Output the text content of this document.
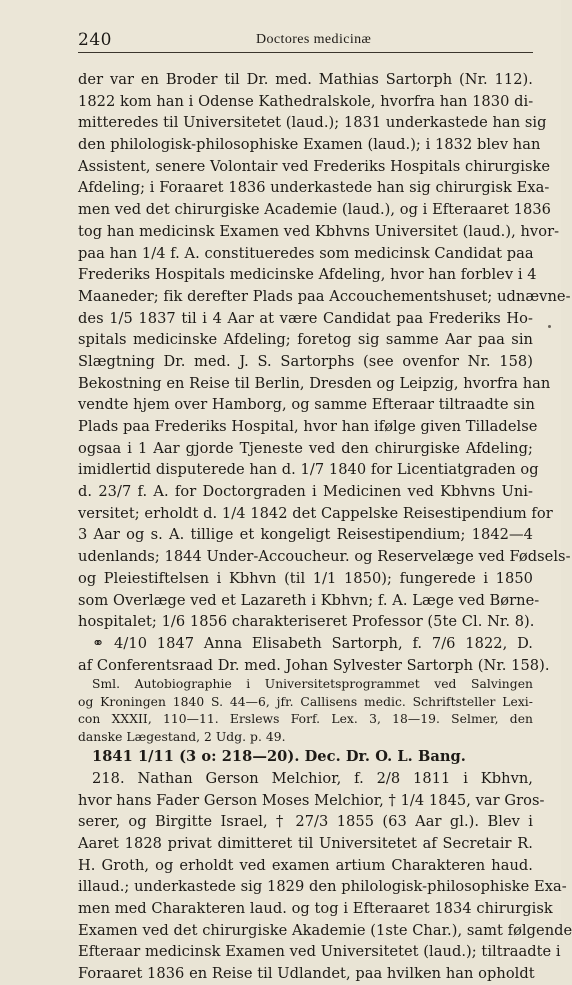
240	Doctores medicinæ
der var en Broder til Dr. med. Mathias Sartorph (Nr. 112).
1822 kom han i Odense Kathedralskole, hvorfra han 1830 di-
mitteredes til Universitetet (laud.); 1831 underkastede han sig
den philologisk-philosophiske Examen (laud.); i 1832 blev han
Assistent, senere Volontair ved Frederiks Hospitals chirurgiske
Afdeling; i Foraaret 1836 underkastede han sig chirurgisk Exa-
men ved det chirurgiske Academie (laud.), og i Efteraaret 1836
tog han medicinsk Examen ved Kbhvns Universitet (laud.), hvor-
paa han 1/4 f. A. constitueredes som medicinsk Candidat paa
Frederiks Hospitals medicinske Afdeling, hvor han forblev i 4
Maaneder; fik derefter Plads paa Accouchementshuset; udnævne-
des 1/5 1837 til i 4 Aar at være Candidat paa Frederiks Ho-
spitals medicinske Afdeling; foretog sig samme Aar paa sin
Slægtning Dr. med. J. S. Sartorphs (see ovenfor Nr. 158)
Bekostning en Reise til Berlin, Dresden og Leipzig, hvorfra han
vendte hjem over Hamborg, og samme Efteraar tiltraadte sin
Plads paa Frederiks Hospital, hvor han ifølge given Tilladelse
ogsaa i 1 Aar gjorde Tjeneste ved den chirurgiske Afdeling;
imidlertid disputerede han d. 1/7 1840 for Licentiatgraden og
d. 23/7 f. A. for Doctorgraden i Medicinen ved Kbhvns Uni-
versitet; erholdt d. 1/4 1842 det Cappelske Reisestipendium for
3 Aar og s. A. tillige et kongeligt Reisestipendium; 1842—4
udenlands; 1844 Under-Accoucheur. og Reservelæge ved Fødsels-
og Pleiestiftelsen i Kbhvn (til 1/1 1850); fungerede i 1850
som Overlæge ved et Lazareth i Kbhvn; f. A. Læge ved Børne-
hospitalet; 1/6 1856 charakteriseret Professor (5te Cl. Nr. 8).
⚭ 4/10 1847 Anna Elisabeth Sartorph, f. 7/6 1822, D.
af Conferentsraad Dr. med. Johan Sylvester Sartorph (Nr. 158).
Sml. Autobiographie i Universitetsprogrammet ved Salvingen
og Kroningen 1840 S. 44—6, jfr. Callisens medic. Schriftsteller Lexi-
con XXXII, 110—11. Erslews Forf. Lex. 3, 18—19. Selmer, den
danske Lægestand, 2 Udg. p. 49.
1841 1/11 (3 o: 218—20). Dec. Dr. O. L. Bang.
218. Nathan Gerson Melchior, f. 2/8 1811 i Kbhvn,
hvor hans Fader Gerson Moses Melchior, † 1/4 1845, var Gros-
serer, og Birgitte Israel, † 27/3 1855 (63 Aar gl.). Blev i
Aaret 1828 privat dimitteret til Universitetet af Secretair R.
H. Groth, og erholdt ved examen artium Charakteren haud.
illaud.; underkastede sig 1829 den philologisk-philosophiske Exa-
men med Charakteren laud. og tog i Efteraaret 1834 chirurgisk
Examen ved det chirurgiske Akademie (1ste Char.), samt følgende
Efteraar medicinsk Examen ved Universitetet (laud.); tiltraadte i
Foraaret 1836 en Reise til Udlandet, paa hvilken han opholdt
